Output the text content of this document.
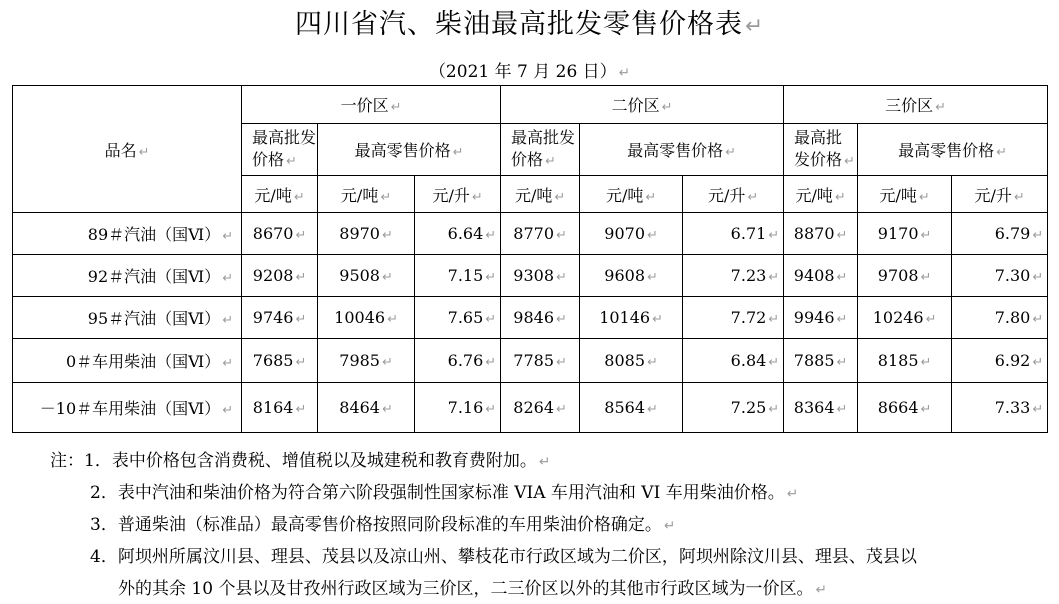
四川省汽、柴油最高批发零售价格表↵
（2021 年 7 月 26 日） ↵
品名 ↵	一价区 ↵			二价区 ↵			三价区 ↵		
	最高批发价格 ↵	最高零售价格 ↵		最高批发价格 ↵	最高零售价格 ↵		最高批发价格 ↵	最高零售价格 ↵	
	元/吨 ↵	元/吨 ↵	元/升 ↵	元/吨 ↵	元/吨 ↵	元/升 ↵	元/吨 ↵	元/吨 ↵	元/升 ↵
89＃汽油（国Ⅵ） ↵	8670 ↵	8970 ↵	6.64 ↵	8770 ↵	9070 ↵	6.71 ↵	8870 ↵	9170 ↵	6.79 ↵
92＃汽油（国Ⅵ） ↵	9208 ↵	9508 ↵	7.15 ↵	9308 ↵	9608 ↵	7.23 ↵	9408 ↵	9708 ↵	7.30 ↵
95＃汽油（国Ⅵ） ↵	9746 ↵	10046 ↵	7.65 ↵	9846 ↵	10146 ↵	7.72 ↵	9946 ↵	10246 ↵	7.80 ↵
0＃车用柴油（国Ⅵ） ↵	7685 ↵	7985 ↵	6.76 ↵	7785 ↵	8085 ↵	6.84 ↵	7885 ↵	8185 ↵	6.92 ↵
－10＃车用柴油（国Ⅵ） ↵	8164 ↵	8464 ↵	7.16 ↵	8264 ↵	8564 ↵	7.25 ↵	8364 ↵	8664 ↵	7.33 ↵
注：1．表中价格包含消费税、增值税以及城建税和教育费附加。 ↵
2．表中汽油和柴油价格为符合第六阶段强制性国家标准 VIA 车用汽油和 VI 车用柴油价格。 ↵
3．普通柴油（标准品）最高零售价格按照同阶段标准的车用柴油价格确定。 ↵
4．阿坝州所属汶川县、理县、茂县以及凉山州、攀枝花市行政区域为二价区，阿坝州除汶川县、理县、茂县以
外的其余 10 个县以及甘孜州行政区域为三价区，二三价区以外的其他市行政区域为一价区。 ↵
